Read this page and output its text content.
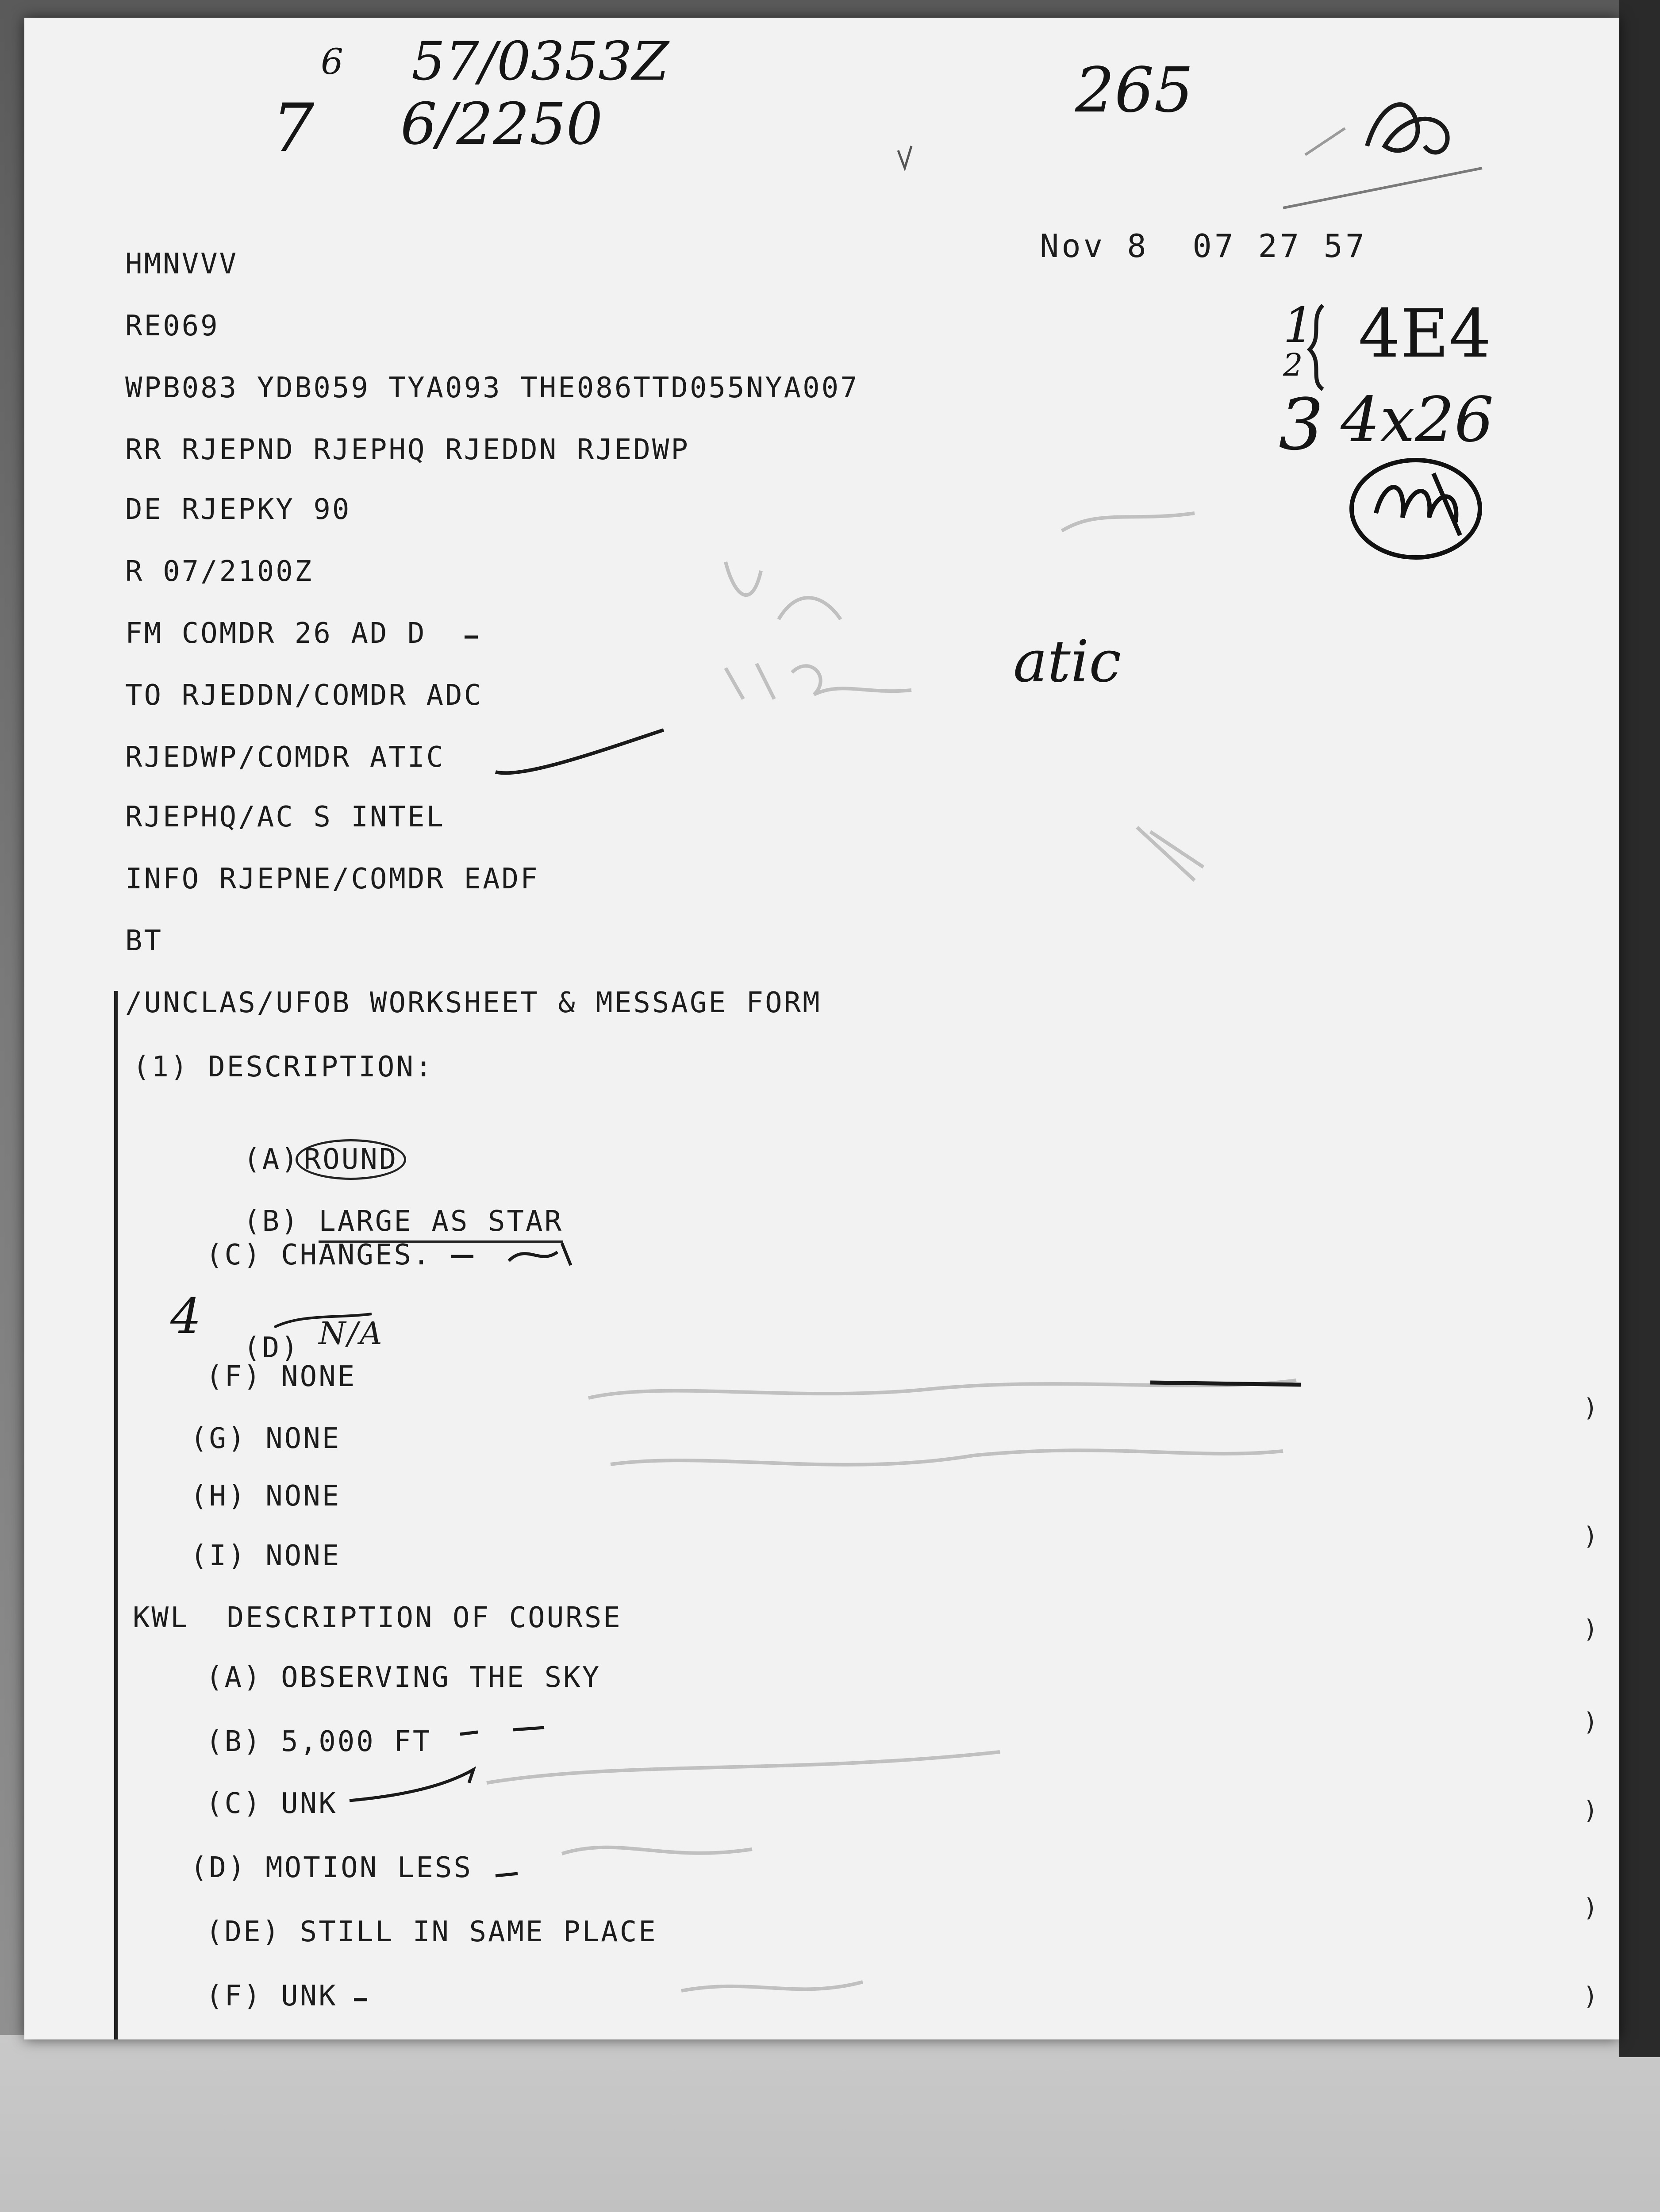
7
6 57/0353Z
6/2250	265
Nov 8  07 27 57
1
2 4E4
3 4x26
atic
4
HMNVVV
RE069
WPB083 YDB059 TYA093 THE086TTD055NYA007
RR RJEPND RJEPHQ RJEDDN RJEDWP
DE RJEPKY 90
R 07/2100Z
FM COMDR 26 AD D
TO RJEDDN/COMDR ADC
RJEDWP/COMDR ATIC
RJEPHQ/AC S INTEL
INFO RJEPNE/COMDR EADF
BT
/UNCLAS/UFOB WORKSHEET & MESSAGE FORM
(1) DESCRIPTION:

(A) ROUND

(B) LARGE AS STAR

(C) CHANGES.

(D) N/A

(F) NONE
(G) NONE
(H) NONE
(I) NONE
KWL  DESCRIPTION OF COURSE
(A) OBSERVING THE SKY
(B) 5,000 FT
(C) UNK
(D) MOTION LESS
(DE) STILL IN SAME PLACE
(F) UNK
)
)
)
)
)
)
)
